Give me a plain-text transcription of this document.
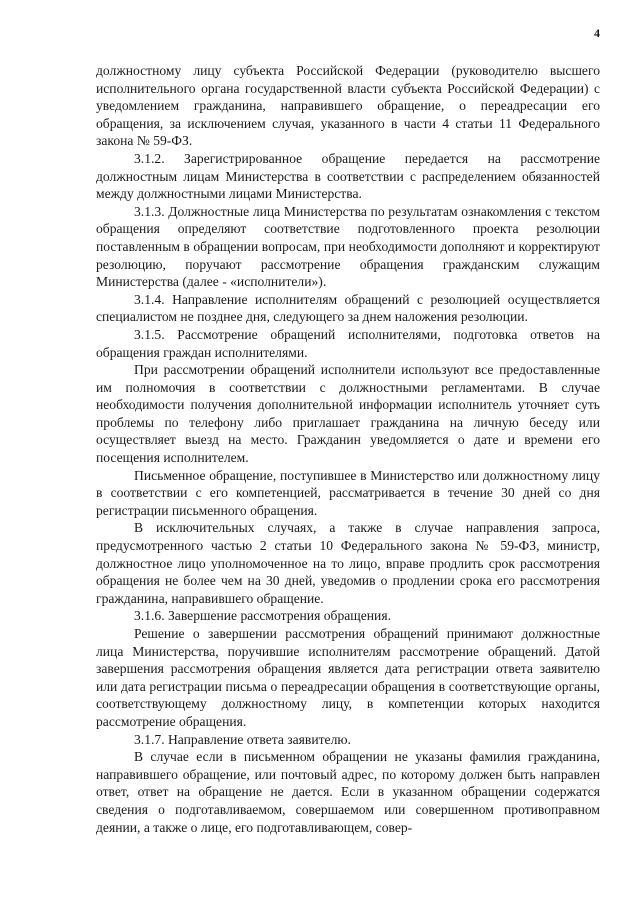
4

должностному лицу субъекта Российской Федерации (руководителю высшего исполнительного органа государственной власти субъекта Российской Федерации) с уведомлением гражданина, направившего обращение, о переадресации его обращения, за исключением случая, указанного в части 4 статьи 11 Федерального закона № 59-ФЗ.

3.1.2. Зарегистрированное обращение передается на рассмотрение должностным лицам Министерства в соответствии с распределением обязанностей между должностными лицами Министерства.

3.1.3. Должностные лица Министерства по результатам ознакомления с текстом обращения определяют соответствие подготовленного проекта резолюции поставленным в обращении вопросам, при необходимости дополняют и корректируют резолюцию, поручают рассмотрение обращения гражданским служащим Министерства (далее - «исполнители»).

3.1.4. Направление исполнителям обращений с резолюцией осуществляется специалистом не позднее дня, следующего за днем наложения резолюции.

3.1.5. Рассмотрение обращений исполнителями, подготовка ответов на обращения граждан исполнителями.

При рассмотрении обращений исполнители используют все предоставленные им полномочия в соответствии с должностными регламентами. В случае необходимости получения дополнительной информации исполнитель уточняет суть проблемы по телефону либо приглашает гражданина на личную беседу или осуществляет выезд на место. Гражданин уведомляется о дате и времени его посещения исполнителем.

Письменное обращение, поступившее в Министерство или должностному лицу в соответствии с его компетенцией, рассматривается в течение 30 дней со дня регистрации письменного обращения.

В исключительных случаях, а также в случае направления запроса, предусмотренного частью 2 статьи 10 Федерального закона № 59-ФЗ, министр, должностное лицо уполномоченное на то лицо, вправе продлить срок рассмотрения обращения не более чем на 30 дней, уведомив о продлении срока его рассмотрения гражданина, направившего обращение.

3.1.6. Завершение рассмотрения обращения.

Решение о завершении рассмотрения обращений принимают должностные лица Министерства, поручившие исполнителям рассмотрение обращений. Датой завершения рассмотрения обращения является дата регистрации ответа заявителю или дата регистрации письма о переадресации обращения в соответствующие органы, соответствующему должностному лицу, в компетенции которых находится рассмотрение обращения.

3.1.7. Направление ответа заявителю.

В случае если в письменном обращении не указаны фамилия гражданина, направившего обращение, или почтовый адрес, по которому должен быть направлен ответ, ответ на обращение не дается. Если в указанном обращении содержатся сведения о подготавливаемом, совершаемом или совершенном противоправном деянии, а также о лице, его подготавливающем, совер-
